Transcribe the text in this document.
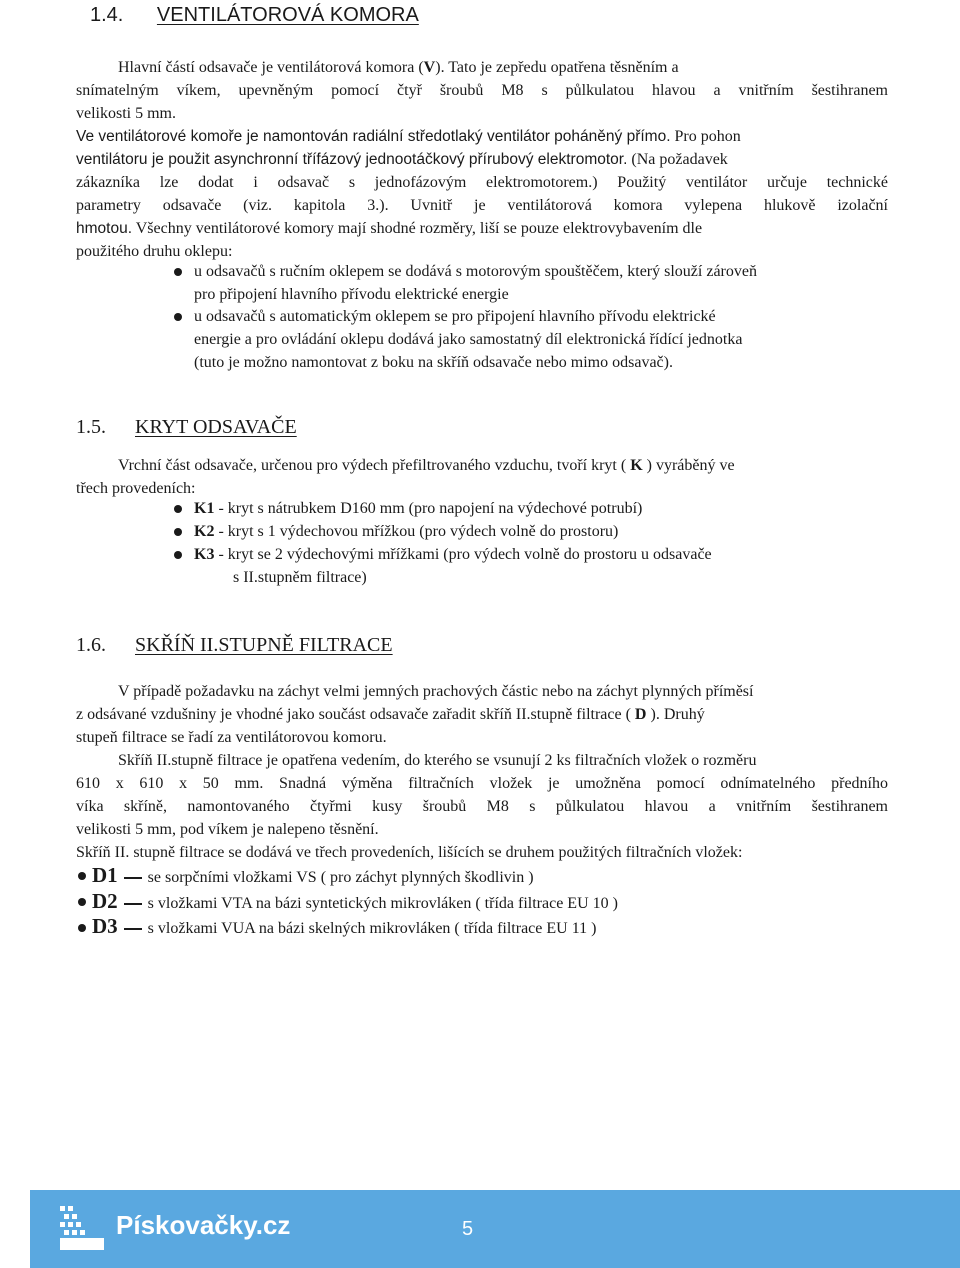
1.4. VENTILÁTOROVÁ KOMORA
Hlavní částí odsavače je ventilátorová komora (V). Tato je zepředu opatřena těsněním a
snímatelným víkem, upevněným pomocí čtyř šroubů M8 s půlkulatou hlavou a vnitřním šestihranem
velikosti 5 mm.
Ve ventilátorové komoře je namontován radiální středotlaký ventilátor poháněný přímo. Pro pohon
ventilátoru je použit asynchronní třífázový jednootáčkový přírubový elektromotor. (Na požadavek
zákazníka lze dodat i odsavač s jednofázovým elektromotorem.) Použitý ventilátor určuje technické
parametry odsavače (viz. kapitola 3.). Uvnitř je ventilátorová komora vylepena hlukově izolační
hmotou. Všechny ventilátorové komory mají shodné rozměry, liší se pouze elektrovybavením dle
použitého druhu oklepu:
u odsavačů s ručním oklepem se dodává s motorovým spouštěčem, který slouží zároveň
pro připojení hlavního přívodu elektrické energie
u odsavačů s automatickým oklepem se pro připojení hlavního přívodu elektrické
energie a pro ovládání oklepu dodává jako samostatný díl elektronická řídící jednotka
(tuto je možno namontovat z boku na skříň odsavače nebo mimo odsavač).
1.5. KRYT ODSAVAČE
Vrchní část odsavače, určenou pro výdech přefiltrovaného vzduchu, tvoří kryt ( K ) vyráběný ve
třech provedeních:
K1 - kryt s nátrubkem D160 mm (pro napojení na výdechové potrubí)
K2 - kryt s 1 výdechovou mřížkou (pro výdech volně do prostoru)
K3 - kryt se 2 výdechovými mřížkami (pro výdech volně do prostoru u odsavače
s II.stupněm filtrace)
1.6. SKŘÍŇ II.STUPNĚ FILTRACE
V případě požadavku na záchyt velmi jemných prachových částic nebo na záchyt plynných příměsí
z odsávané vzdušniny je vhodné jako součást odsavače zařadit skříň II.stupně filtrace ( D ). Druhý
stupeň filtrace se řadí za ventilátorovou komoru.
Skříň II.stupně filtrace je opatřena vedením, do kterého se vsunují 2 ks filtračních vložek o rozměru
610 x 610 x 50 mm. Snadná výměna filtračních vložek je umožněna pomocí odnímatelného předního
víka skříně, namontovaného čtyřmi kusy šroubů M8 s půlkulatou hlavou a vnitřním šestihranem
velikosti 5 mm, pod víkem je nalepeno těsnění.
Skříň II. stupně filtrace se dodává ve třech provedeních, lišících se druhem použitých filtračních vložek:
D1 se sorpčními vložkami VS ( pro záchyt plynných škodlivin )
D2 s vložkami VTA na bázi syntetických mikrovláken ( třída filtrace EU 10 )
D3 s vložkami VUA na bázi skelných mikrovláken ( třída filtrace EU 11 )
Pískovačky.cz	5
